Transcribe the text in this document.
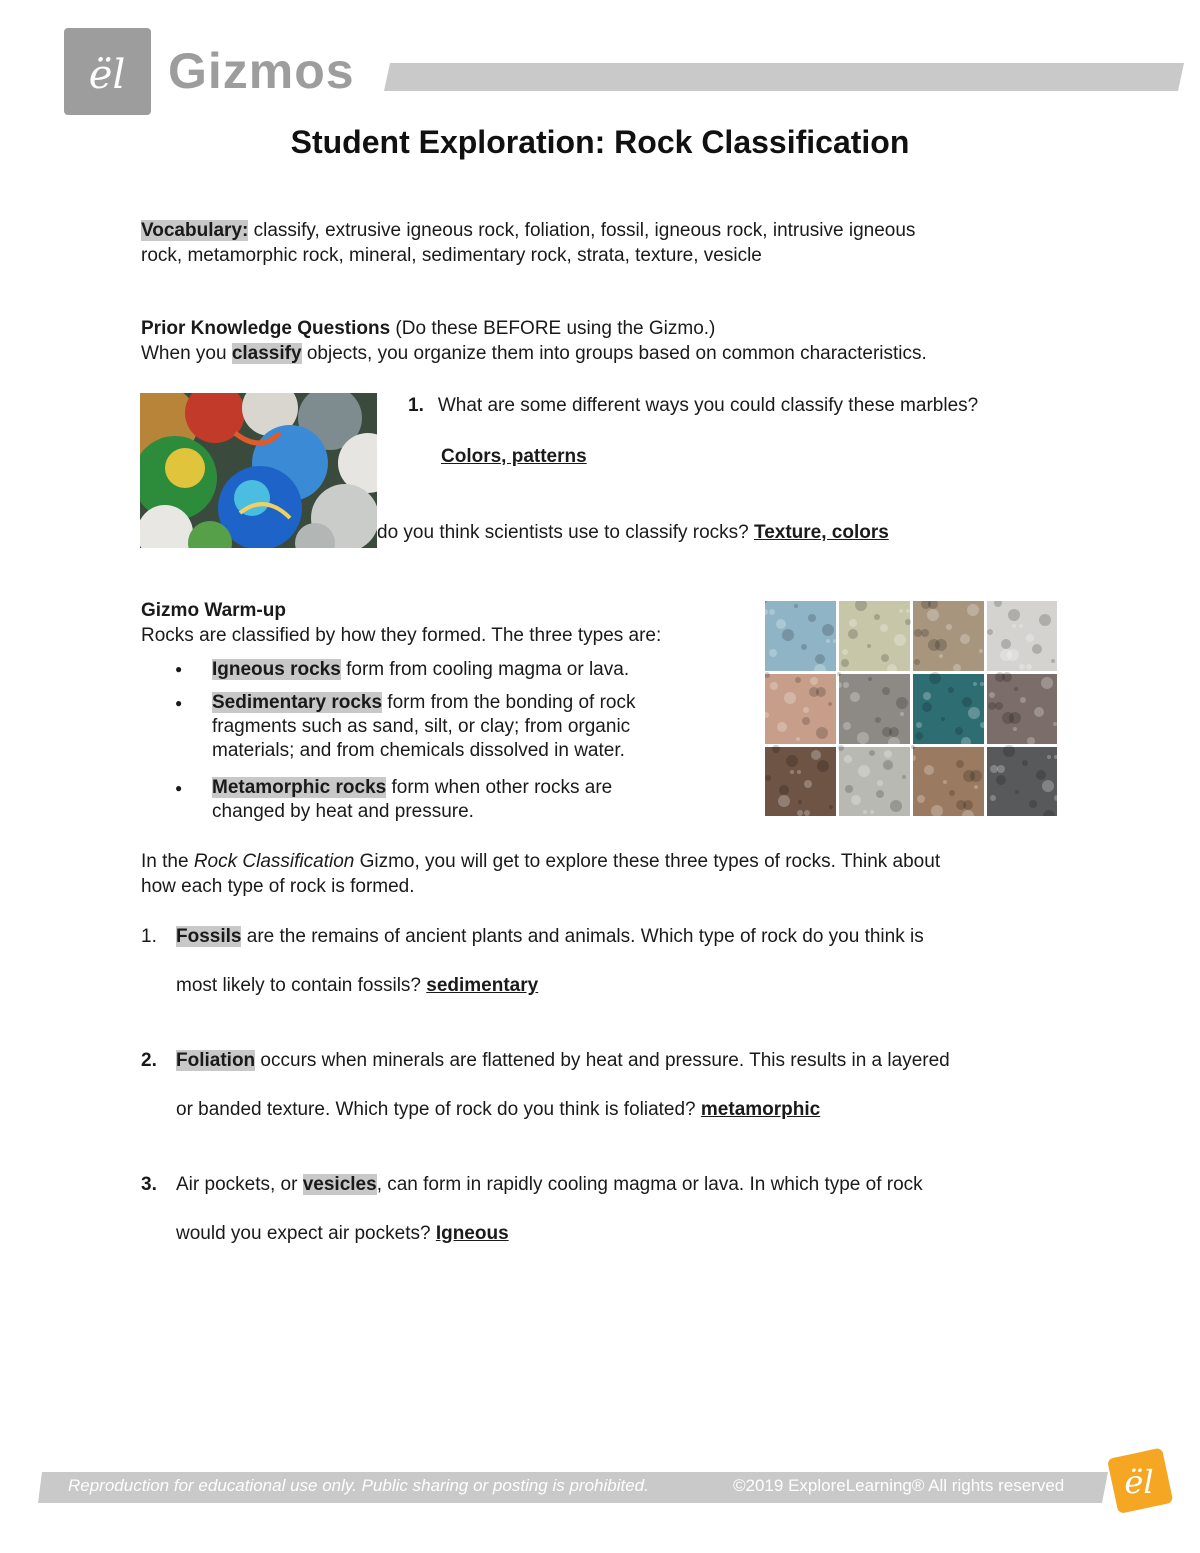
ël Gizmos
Student Exploration: Rock Classification
Vocabulary: classify, extrusive igneous rock, foliation, fossil, igneous rock, intrusive igneous
rock, metamorphic rock, mineral, sedimentary rock, strata, texture, vesicle
Prior Knowledge Questions (Do these BEFORE using the Gizmo.)
When you classify objects, you organize them into groups based on common characteristics.
1. What are some different ways you could classify these marbles?
Colors, patterns
do you think scientists use to classify rocks? Texture, colors
Gizmo Warm-up
Rocks are classified by how they formed. The three types are:
● Igneous rocks form from cooling magma or lava.
● Sedimentary rocks form from the bonding of rock
fragments such as sand, silt, or clay; from organic
materials; and from chemicals dissolved in water.
● Metamorphic rocks form when other rocks are
changed by heat and pressure.
In the Rock Classification Gizmo, you will get to explore these three types of rocks. Think about
how each type of rock is formed.
1. Fossils are the remains of ancient plants and animals. Which type of rock do you think is
most likely to contain fossils? sedimentary
2. Foliation occurs when minerals are flattened by heat and pressure. This results in a layered
or banded texture. Which type of rock do you think is foliated? metamorphic
3. Air pockets, or vesicles, can form in rapidly cooling magma or lava. In which type of rock
would you expect air pockets? Igneous
Reproduction for educational use only. Public sharing or posting is prohibited.	©2019 ExploreLearning® All rights reserved ël
